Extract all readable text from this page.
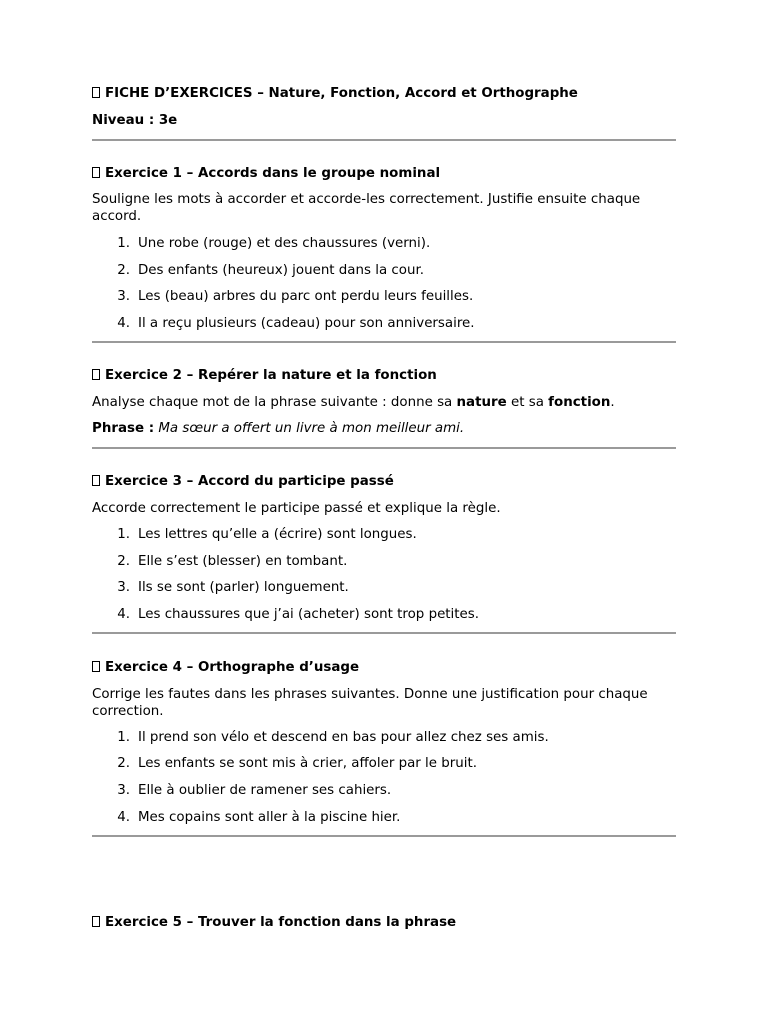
FICHE D’EXERCICES – Nature, Fonction, Accord et Orthographe
Niveau : 3e
Exercice 1 – Accords dans le groupe nominal
Souligne les mots à accorder et accorde-les correctement. Justifie ensuite chaque accord.
1. Une robe (rouge) et des chaussures (verni).
2. Des enfants (heureux) jouent dans la cour.
3. Les (beau) arbres du parc ont perdu leurs feuilles.
4. Il a reçu plusieurs (cadeau) pour son anniversaire.
Exercice 2 – Repérer la nature et la fonction
Analyse chaque mot de la phrase suivante : donne sa nature et sa fonction.
Phrase : Ma sœur a offert un livre à mon meilleur ami.
Exercice 3 – Accord du participe passé
Accorde correctement le participe passé et explique la règle.
1. Les lettres qu’elle a (écrire) sont longues.
2. Elle s’est (blesser) en tombant.
3. Ils se sont (parler) longuement.
4. Les chaussures que j’ai (acheter) sont trop petites.
Exercice 4 – Orthographe d’usage
Corrige les fautes dans les phrases suivantes. Donne une justification pour chaque correction.
1. Il prend son vélo et descend en bas pour allez chez ses amis.
2. Les enfants se sont mis à crier, affoler par le bruit.
3. Elle à oublier de ramener ses cahiers.
4. Mes copains sont aller à la piscine hier.
Exercice 5 – Trouver la fonction dans la phrase
